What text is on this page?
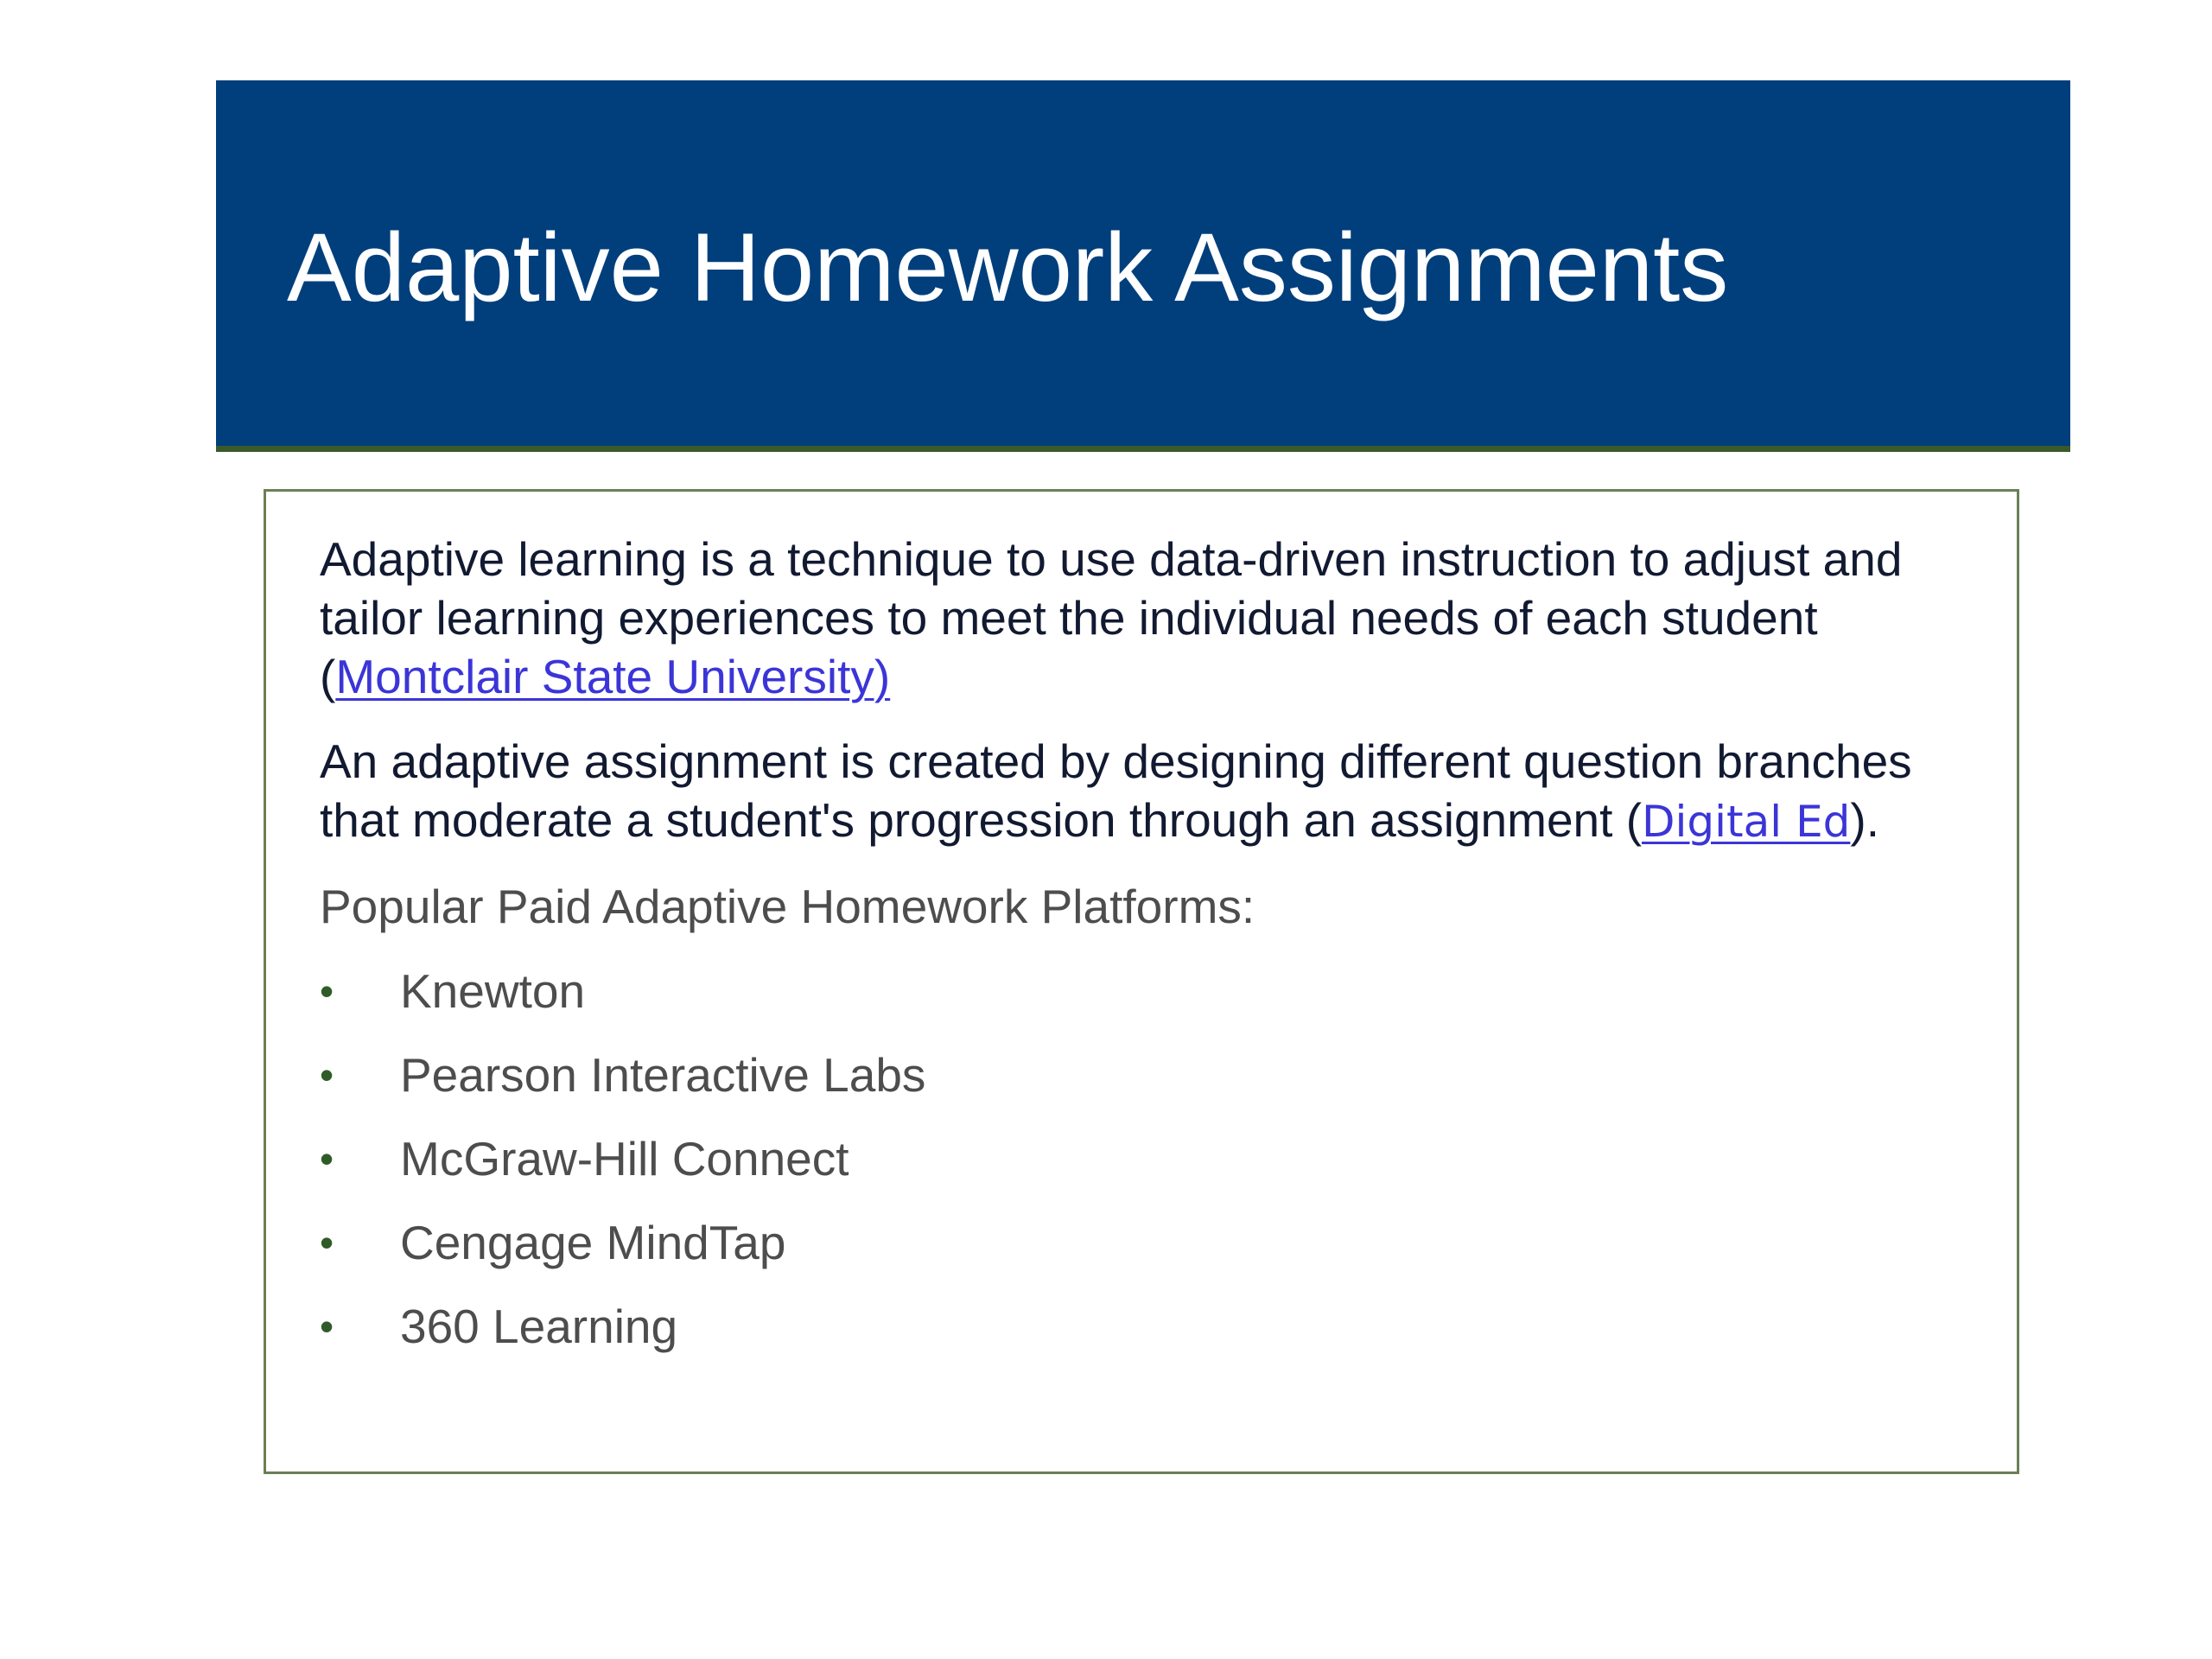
Adaptive Homework Assignments

Adaptive learning is a technique to use data-driven instruction to adjust and tailor learning experiences to meet the individual needs of each student (Montclair State University)

An adaptive assignment is created by designing different question branches that moderate a student's progression through an assignment (Digital Ed).

Popular Paid Adaptive Homework Platforms:

• Knewton
• Pearson Interactive Labs
• McGraw-Hill Connect
• Cengage MindTap
• 360 Learning
